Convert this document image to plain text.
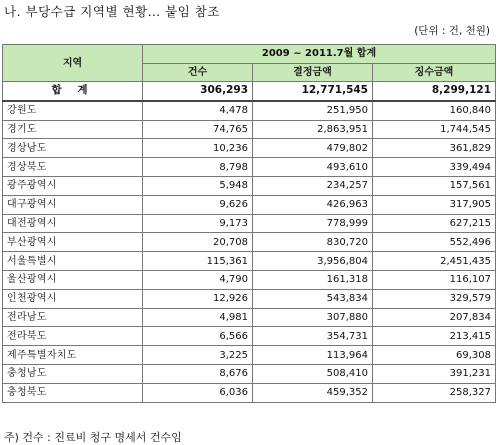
나. 부당수급 지역별 현황… 붙임 참조
(단위 : 건, 천원)
지역	2009 ~ 2011.7월 합계		
	건수	결정금액	징수금액
합 계	306,293	12,771,545	8,299,121
강원도	4,478	251,950	160,840
경기도	74,765	2,863,951	1,744,545
경상남도	10,236	479,802	361,829
경상북도	8,798	493,610	339,494
광주광역시	5,948	234,257	157,561
대구광역시	9,626	426,963	317,905
대전광역시	9,173	778,999	627,215
부산광역시	20,708	830,720	552,496
서울특별시	115,361	3,956,804	2,451,435
울산광역시	4,790	161,318	116,107
인천광역시	12,926	543,834	329,579
전라남도	4,981	307,880	207,834
전라북도	6,566	354,731	213,415
제주특별자치도	3,225	113,964	69,308
충청남도	8,676	508,410	391,231
충청북도	6,036	459,352	258,327
주) 건수 : 진료비 청구 명세서 건수임
